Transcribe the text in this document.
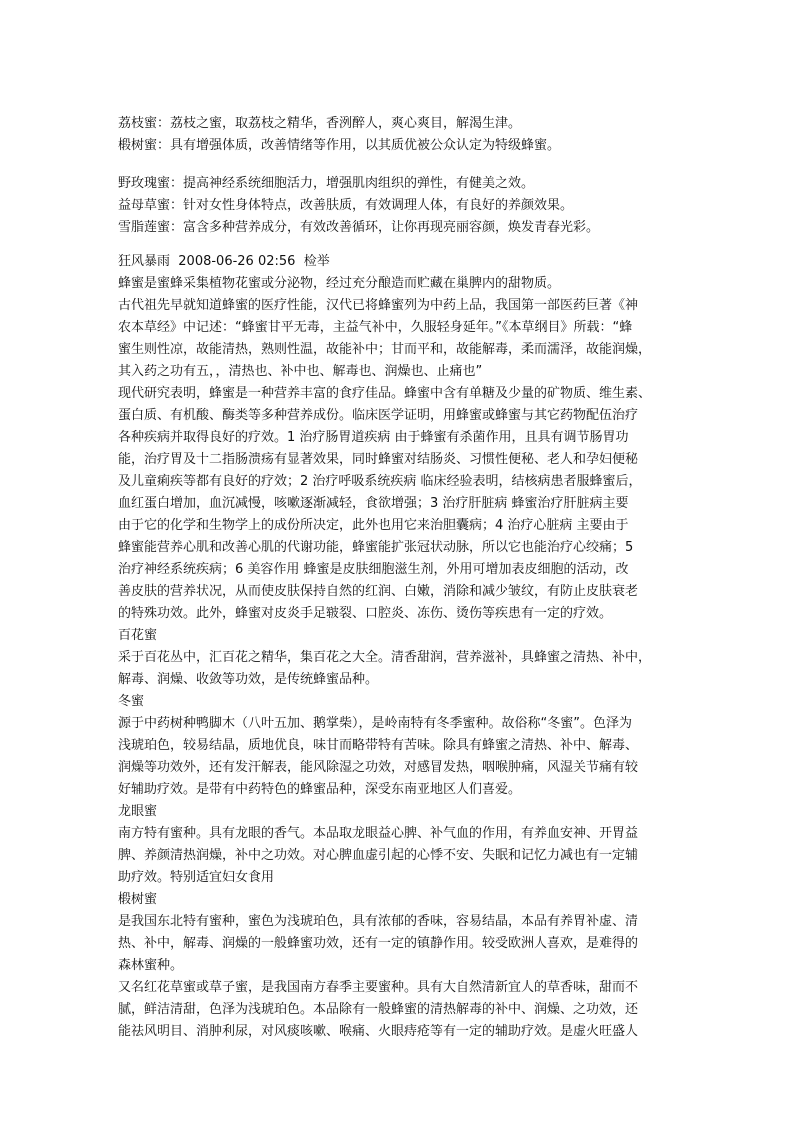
荔枝蜜：荔枝之蜜，取荔枝之精华，香洌醉人，爽心爽目，解渴生津。
椴树蜜：具有增强体质，改善情绪等作用，以其质优被公众认定为特级蜂蜜。
野玫瑰蜜：提高神经系统细胞活力，增强肌肉组织的弹性，有健美之效。
益母草蜜：针对女性身体特点，改善肤质，有效调理人体，有良好的养颜效果。
雪脂莲蜜：富含多种营养成分，有效改善循环，让你再现亮丽容颜，焕发青春光彩。
狂风暴雨 2008-06-26 02:56 检举
蜂蜜是蜜蜂采集植物花蜜或分泌物，经过充分酿造而贮藏在巢脾内的甜物质。
古代祖先早就知道蜂蜜的医疗性能，汉代已将蜂蜜列为中药上品，我国第一部医药巨著《神
农本草经》中记述：“蜂蜜甘平无毒，主益气补中，久服轻身延年。”《本草纲目》所载：“蜂
蜜生则性凉，故能清热，熟则性温，故能补中；甘而平和，故能解毒，柔而濡泽，故能润燥，
其入药之功有五，，清热也、补中也、解毒也、润燥也、止痛也”
现代研究表明，蜂蜜是一种营养丰富的食疗佳品。蜂蜜中含有单糖及少量的矿物质、维生素、
蛋白质、有机酸、酶类等多种营养成份。临床医学证明，用蜂蜜或蜂蜜与其它药物配伍治疗
各种疾病并取得良好的疗效。1 治疗肠胃道疾病 由于蜂蜜有杀菌作用，且具有调节肠胃功
能，治疗胃及十二指肠溃疡有显著效果，同时蜂蜜对结肠炎、习惯性便秘、老人和孕妇便秘
及儿童痢疾等都有良好的疗效；2 治疗呼吸系统疾病 临床经验表明，结核病患者服蜂蜜后，
血红蛋白增加，血沉减慢，咳嗽逐渐减轻，食欲增强；3 治疗肝脏病 蜂蜜治疗肝脏病主要
由于它的化学和生物学上的成份所决定，此外也用它来治胆囊病；4 治疗心脏病 主要由于
蜂蜜能营养心肌和改善心肌的代谢功能，蜂蜜能扩张冠状动脉，所以它也能治疗心绞痛；5
治疗神经系统疾病；6 美容作用 蜂蜜是皮肤细胞滋生剂，外用可增加表皮细胞的活动，改
善皮肤的营养状况，从而使皮肤保持自然的红润、白嫩，消除和减少皱纹，有防止皮肤衰老
的特殊功效。此外，蜂蜜对皮炎手足皲裂、口腔炎、冻伤、烫伤等疾患有一定的疗效。
百花蜜
采于百花丛中，汇百花之精华，集百花之大全。清香甜润，营养滋补，具蜂蜜之清热、补中，
解毒、润燥、收敛等功效，是传统蜂蜜品种。
冬蜜
源于中药树种鸭脚木（八叶五加、鹅掌柴），是岭南特有冬季蜜种。故俗称“冬蜜”。色泽为
浅琥珀色，较易结晶，质地优良，味甘而略带特有苦味。除具有蜂蜜之清热、补中、解毒、
润燥等功效外，还有发汗解表，能风除湿之功效，对感冒发热，咽喉肿痛，风湿关节痛有较
好辅助疗效。是带有中药特色的蜂蜜品种，深受东南亚地区人们喜爱。
龙眼蜜
南方特有蜜种。具有龙眼的香气。本品取龙眼益心脾、补气血的作用，有养血安神、开胃益
脾、养颜清热润燥，补中之功效。对心脾血虚引起的心悸不安、失眠和记忆力减也有一定辅
助疗效。特别适宜妇女食用
椴树蜜
是我国东北特有蜜种，蜜色为浅琥珀色，具有浓郁的香味，容易结晶，本品有养胃补虚、清
热、补中，解毒、润燥的一般蜂蜜功效，还有一定的镇静作用。较受欧洲人喜欢，是难得的
森林蜜种。
又名红花草蜜或草子蜜，是我国南方春季主要蜜种。具有大自然清新宜人的草香味，甜而不
腻，鲜洁清甜，色泽为浅琥珀色。本品除有一般蜂蜜的清热解毒的补中、润燥、之功效，还
能祛风明目、消肿利尿，对风痰咳嗽、喉痛、火眼痔疮等有一定的辅助疗效。是虚火旺盛人
